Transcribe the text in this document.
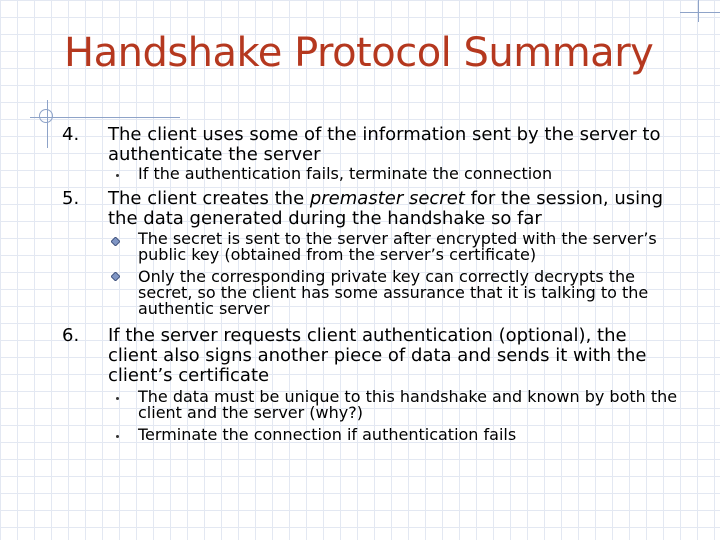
Handshake Protocol Summary
4. The client uses some of the information sent by the server to authenticate the server
If the authentication fails, terminate the connection
5. The client creates the premaster secret for the session, using the data generated during the handshake so far
The secret is sent to the server after encrypted with the server’s public key (obtained from the server’s certificate)
Only the corresponding private key can correctly decrypts the secret, so the client has some assurance that it is talking to the authentic server
6. If the server requests client authentication (optional), the client also signs another piece of data and sends it with the client’s certificate
The data must be unique to this handshake and known by both the client and the server (why?)
Terminate the connection if authentication fails
